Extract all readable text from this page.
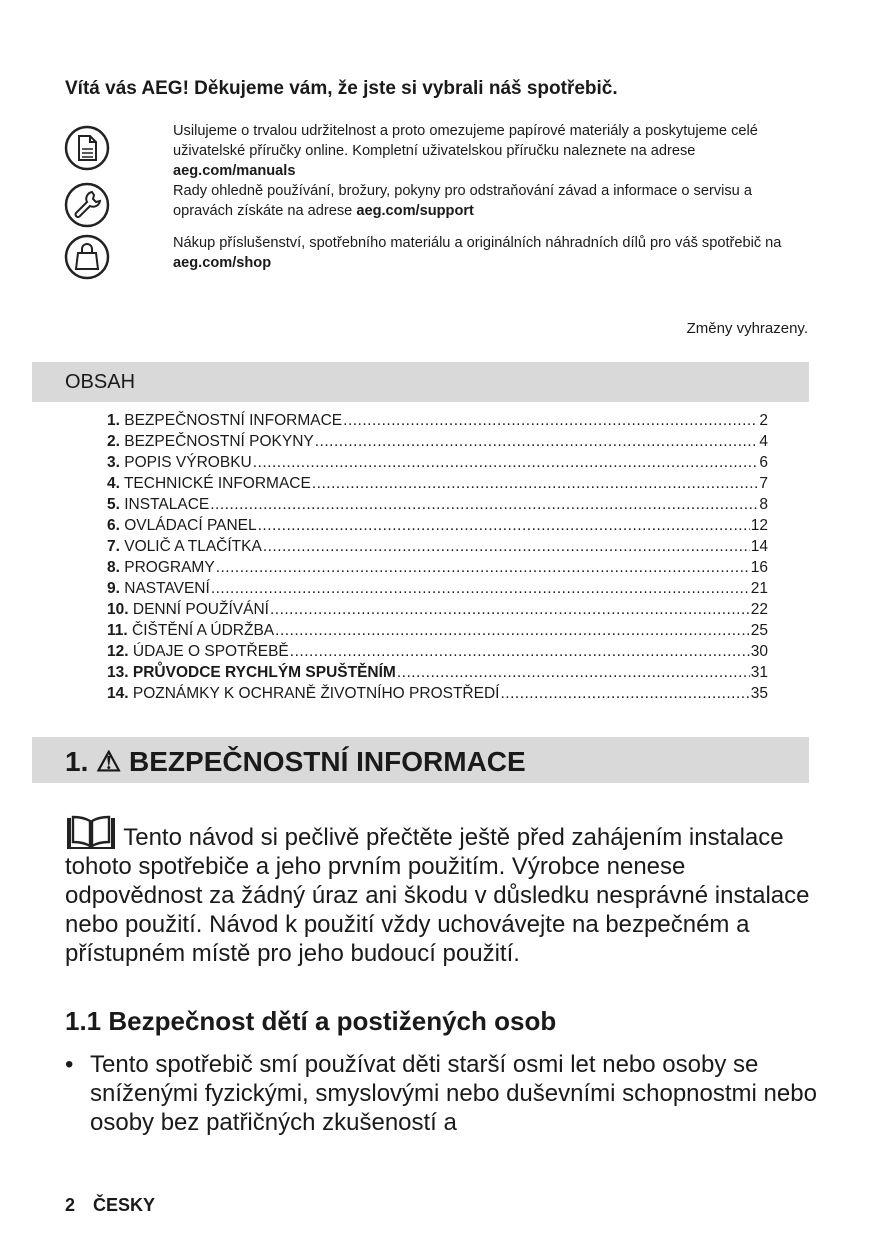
Vítá vás AEG! Děkujeme vám, že jste si vybrali náš spotřebič.
Usilujeme o trvalou udržitelnost a proto omezujeme papírové materiály a poskytujeme celé uživatelské příručky online. Kompletní uživatelskou příručku naleznete na adrese aeg.com/manuals
Rady ohledně používání, brožury, pokyny pro odstraňování závad a informace o servisu a opravách získáte na adrese aeg.com/support
Nákup příslušenství, spotřebního materiálu a originálních náhradních dílů pro váš spotřebič na aeg.com/shop
Změny vyhrazeny.
OBSAH
1. BEZPEČNOSTNÍ INFORMACE .....	2
2. BEZPEČNOSTNÍ POKYNY .....	4
3. POPIS VÝROBKU .....	6
4. TECHNICKÉ INFORMACE .....	7
5. INSTALACE .....	8
6. OVLÁDACÍ PANEL .....	12
7. VOLIČ A TLAČÍTKA .....	14
8. PROGRAMY .....	16
9. NASTAVENÍ .....	21
10. DENNÍ POUŽÍVÁNÍ .....	22
11. ČIŠTĚNÍ A ÚDRŽBA .....	25
12. ÚDAJE O SPOTŘEBĚ .....	30
13. PRŮVODCE RYCHLÝM SPUŠTĚNÍM .....	31
14. POZNÁMKY K OCHRANĚ ŽIVOTNÍHO PROSTŘEDÍ .....	35
1. ⚠ BEZPEČNOSTNÍ INFORMACE
Tento návod si pečlivě přečtěte ještě před zahájením instalace tohoto spotřebiče a jeho prvním použitím. Výrobce nenese odpovědnost za žádný úraz ani škodu v důsledku nesprávné instalace nebo použití. Návod k použití vždy uchovávejte na bezpečném a přístupném místě pro jeho budoucí použití.
1.1 Bezpečnost dětí a postižených osob
• Tento spotřebič smí používat děti starší osmi let nebo osoby se sníženými fyzickými, smyslovými nebo duševními schopnostmi nebo osoby bez patřičných zkušeností a
2 ČESKY
